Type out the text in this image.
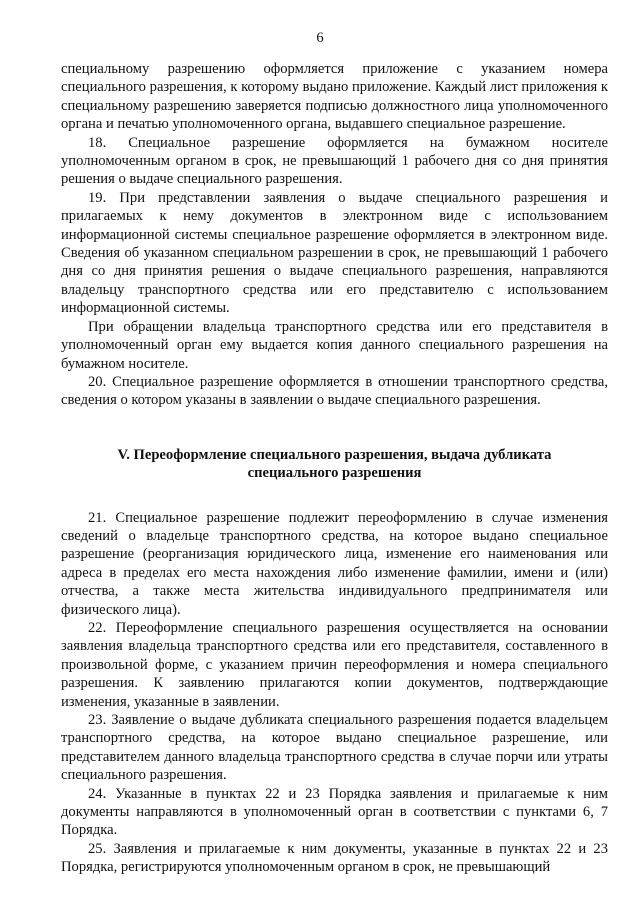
6

специальному разрешению оформляется приложение с указанием номера специального разрешения, к которому выдано приложение. Каждый лист приложения к специальному разрешению заверяется подписью должностного лица уполномоченного органа и печатью уполномоченного органа, выдавшего специальное разрешение.

18. Специальное разрешение оформляется на бумажном носителе уполномоченным органом в срок, не превышающий 1 рабочего дня со дня принятия решения о выдаче специального разрешения.

19. При представлении заявления о выдаче специального разрешения и прилагаемых к нему документов в электронном виде с использованием информационной системы специальное разрешение оформляется в электронном виде. Сведения об указанном специальном разрешении в срок, не превышающий 1 рабочего дня со дня принятия решения о выдаче специального разрешения, направляются владельцу транспортного средства или его представителю с использованием информационной системы.

При обращении владельца транспортного средства или его представителя в уполномоченный орган ему выдается копия данного специального разрешения на бумажном носителе.

20. Специальное разрешение оформляется в отношении транспортного средства, сведения о котором указаны в заявлении о выдаче специального разрешения.

V. Переоформление специального разрешения, выдача дубликата
специального разрешения

21. Специальное разрешение подлежит переоформлению в случае изменения сведений о владельце транспортного средства, на которое выдано специальное разрешение (реорганизация юридического лица, изменение его наименования или адреса в пределах его места нахождения либо изменение фамилии, имени и (или) отчества, а также места жительства индивидуального предпринимателя или физического лица).

22. Переоформление специального разрешения осуществляется на основании заявления владельца транспортного средства или его представителя, составленного в произвольной форме, с указанием причин переоформления и номера специального разрешения. К заявлению прилагаются копии документов, подтверждающие изменения, указанные в заявлении.

23. Заявление о выдаче дубликата специального разрешения подается владельцем транспортного средства, на которое выдано специальное разрешение, или представителем данного владельца транспортного средства в случае порчи или утраты специального разрешения.

24. Указанные в пунктах 22 и 23 Порядка заявления и прилагаемые к ним документы направляются в уполномоченный орган в соответствии с пунктами 6, 7 Порядка.

25. Заявления и прилагаемые к ним документы, указанные в пунктах 22 и 23 Порядка, регистрируются уполномоченным органом в срок, не превышающий
